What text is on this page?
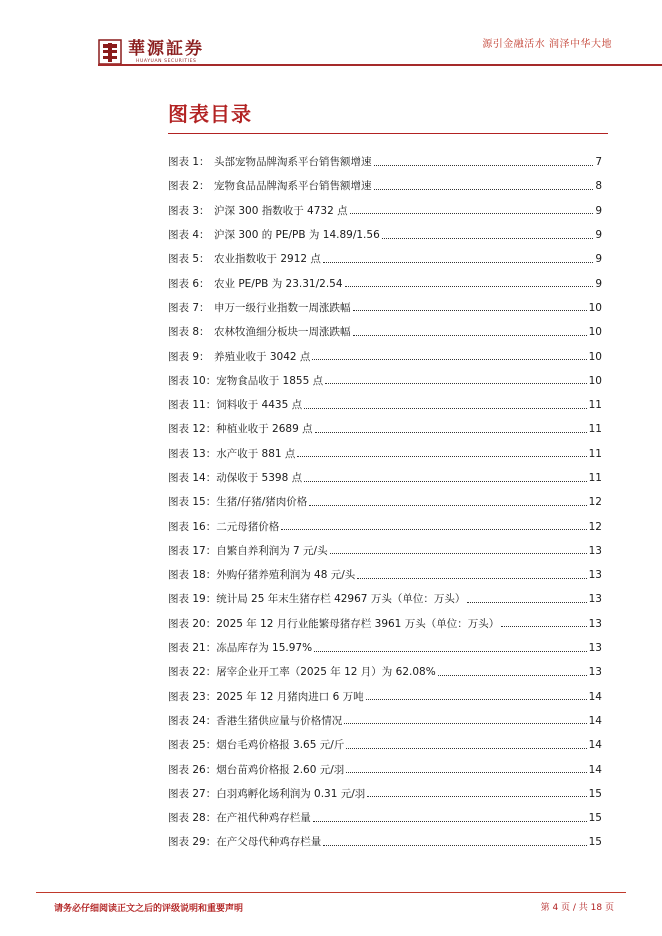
華源証券
HUAYUAN SECURITIES
源引金融活水 润泽中华大地
图表目录
图表 1： 头部宠物品牌淘系平台销售额增速	7
图表 2： 宠物食品品牌淘系平台销售额增速	8
图表 3： 沪深 300 指数收于 4732 点	9
图表 4： 沪深 300 的 PE/PB 为 14.89/1.56	9
图表 5： 农业指数收于 2912 点	9
图表 6： 农业 PE/PB 为 23.31/2.54	9
图表 7： 申万一级行业指数一周涨跌幅	10
图表 8： 农林牧渔细分板块一周涨跌幅	10
图表 9： 养殖业收于 3042 点	10
图表 10： 宠物食品收于 1855 点	10
图表 11： 饲料收于 4435 点	11
图表 12： 种植业收于 2689 点	11
图表 13： 水产收于 881 点	11
图表 14： 动保收于 5398 点	11
图表 15： 生猪/仔猪/猪肉价格	12
图表 16： 二元母猪价格	12
图表 17： 自繁自养利润为 7 元/头	13
图表 18： 外购仔猪养殖利润为 48 元/头	13
图表 19： 统计局 25 年末生猪存栏 42967 万头（单位：万头）	13
图表 20： 2025 年 12 月行业能繁母猪存栏 3961 万头（单位：万头）	13
图表 21： 冻品库存为 15.97%	13
图表 22： 屠宰企业开工率（2025 年 12 月）为 62.08%	13
图表 23： 2025 年 12 月猪肉进口 6 万吨	14
图表 24： 香港生猪供应量与价格情况	14
图表 25： 烟台毛鸡价格报 3.65 元/斤	14
图表 26： 烟台苗鸡价格报 2.60 元/羽	14
图表 27： 白羽鸡孵化场利润为 0.31 元/羽	15
图表 28： 在产祖代种鸡存栏量	15
图表 29： 在产父母代种鸡存栏量	15
请务必仔细阅读正文之后的评级说明和重要声明	第 4 页 / 共 18 页
